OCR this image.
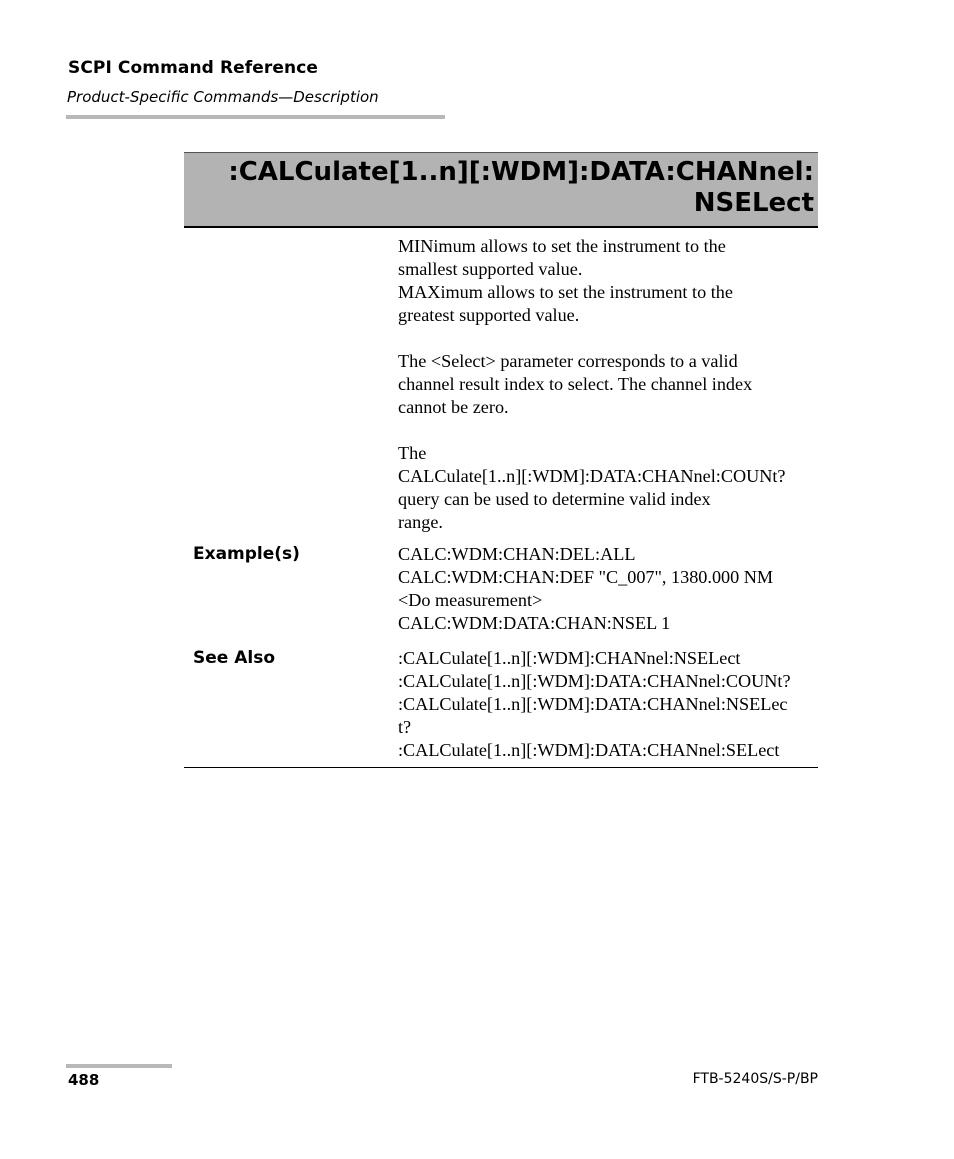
SCPI Command Reference
Product-Specific Commands—Description
:CALCulate[1..n][:WDM]:DATA:CHANnel:
NSELect
MINimum allows to set the instrument to the
smallest supported value.
MAXimum allows to set the instrument to the
greatest supported value.

The <Select> parameter corresponds to a valid
channel result index to select. The channel index
cannot be zero.

The
CALCulate[1..n][:WDM]:DATA:CHANnel:COUNt?
query can be used to determine valid index
range.
Example(s)	CALC:WDM:CHAN:DEL:ALL
CALC:WDM:CHAN:DEF "C_007", 1380.000 NM
<Do measurement>
CALC:WDM:DATA:CHAN:NSEL 1
See Also	:CALCulate[1..n][:WDM]:CHANnel:NSELect
:CALCulate[1..n][:WDM]:DATA:CHANnel:COUNt?
:CALCulate[1..n][:WDM]:DATA:CHANnel:NSELec
t?
:CALCulate[1..n][:WDM]:DATA:CHANnel:SELect
488	FTB-5240S/S-P/BP
